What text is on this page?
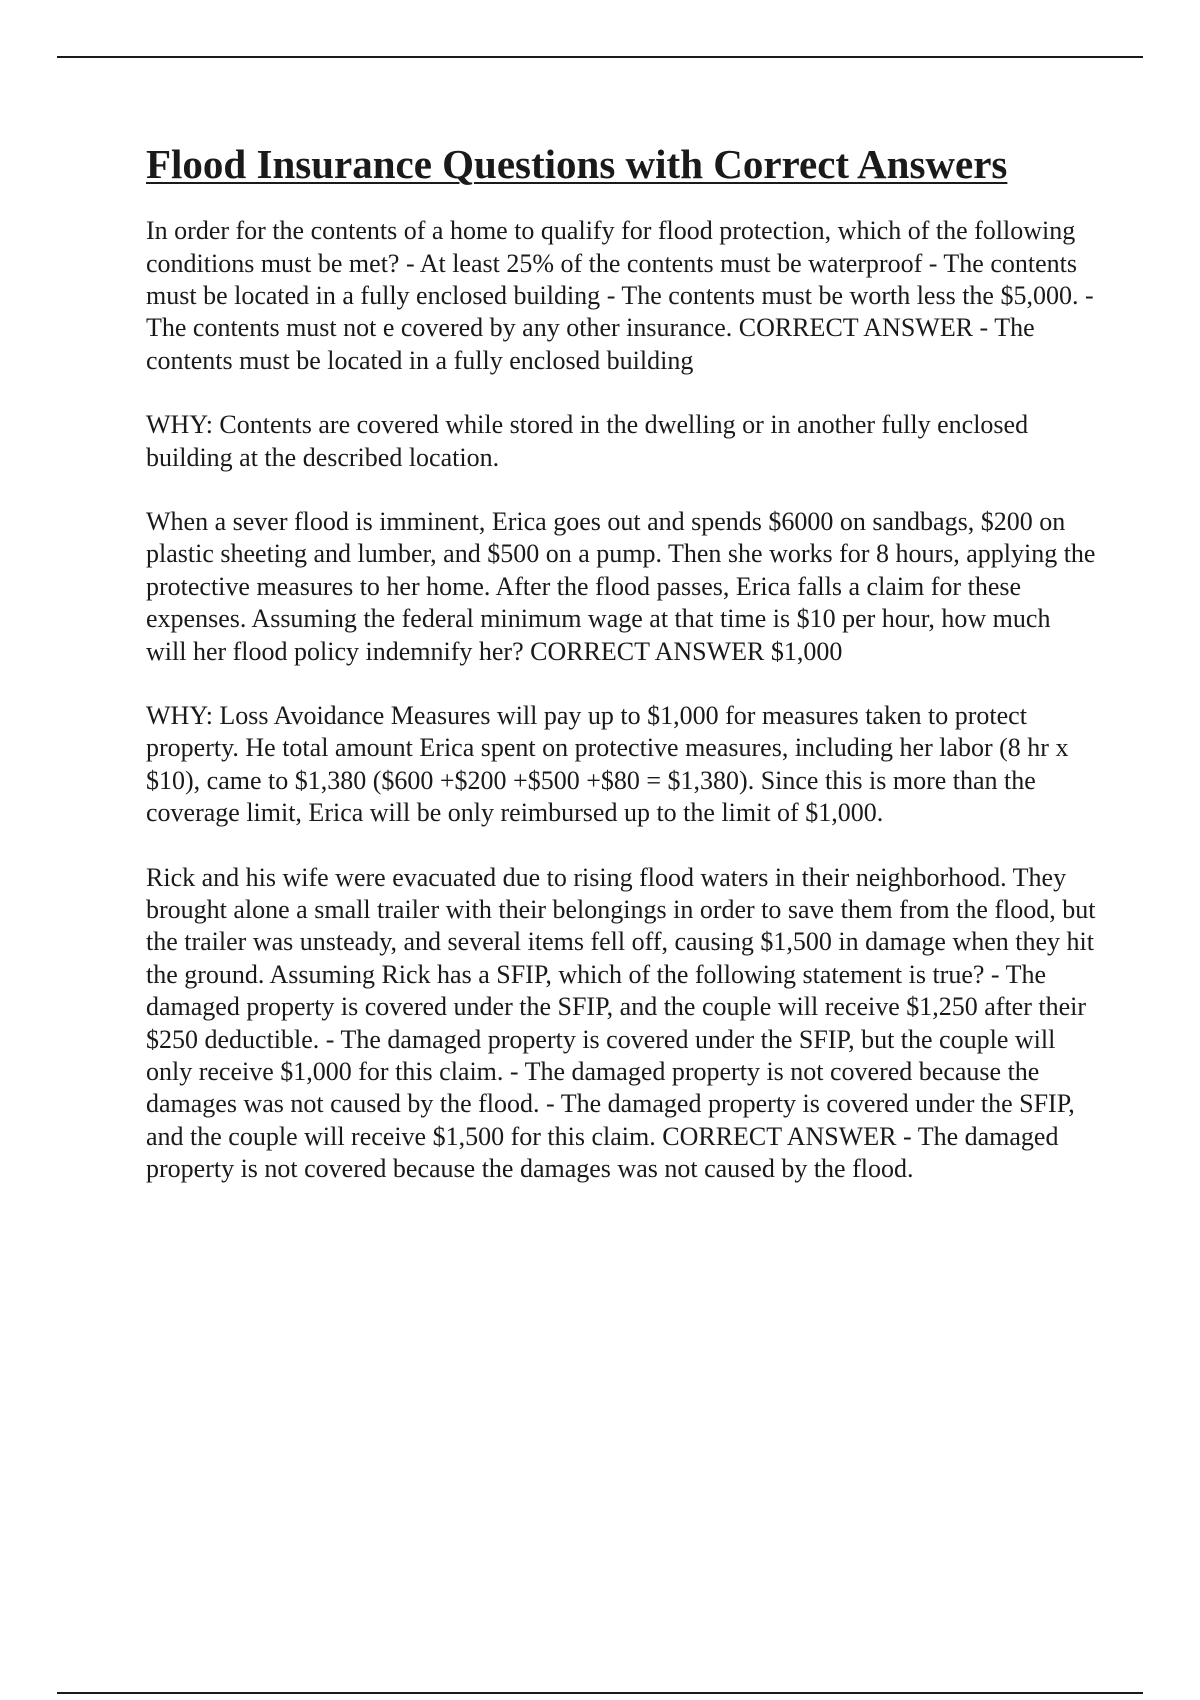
Flood Insurance Questions with Correct Answers

In order for the contents of a home to qualify for flood protection, which of the following conditions must be met? - At least 25% of the contents must be waterproof - The contents must be located in a fully enclosed building - The contents must be worth less the $5,000. - The contents must not e covered by any other insurance. CORRECT ANSWER - The contents must be located in a fully enclosed building

WHY: Contents are covered while stored in the dwelling or in another fully enclosed building at the described location.

When a sever flood is imminent, Erica goes out and spends $6000 on sandbags, $200 on plastic sheeting and lumber, and $500 on a pump. Then she works for 8 hours, applying the protective measures to her home. After the flood passes, Erica falls a claim for these expenses. Assuming the federal minimum wage at that time is $10 per hour, how much will her flood policy indemnify her? CORRECT ANSWER $1,000

WHY: Loss Avoidance Measures will pay up to $1,000 for measures taken to protect property. He total amount Erica spent on protective measures, including her labor (8 hr x $10), came to $1,380 ($600 +$200 +$500 +$80 = $1,380). Since this is more than the coverage limit, Erica will be only reimbursed up to the limit of $1,000.

Rick and his wife were evacuated due to rising flood waters in their neighborhood. They brought alone a small trailer with their belongings in order to save them from the flood, but the trailer was unsteady, and several items fell off, causing $1,500 in damage when they hit the ground. Assuming Rick has a SFIP, which of the following statement is true? - The damaged property is covered under the SFIP, and the couple will receive $1,250 after their $250 deductible. - The damaged property is covered under the SFIP, but the couple will only receive $1,000 for this claim. - The damaged property is not covered because the damages was not caused by the flood. - The damaged property is covered under the SFIP, and the couple will receive $1,500 for this claim. CORRECT ANSWER - The damaged property is not covered because the damages was not caused by the flood.
